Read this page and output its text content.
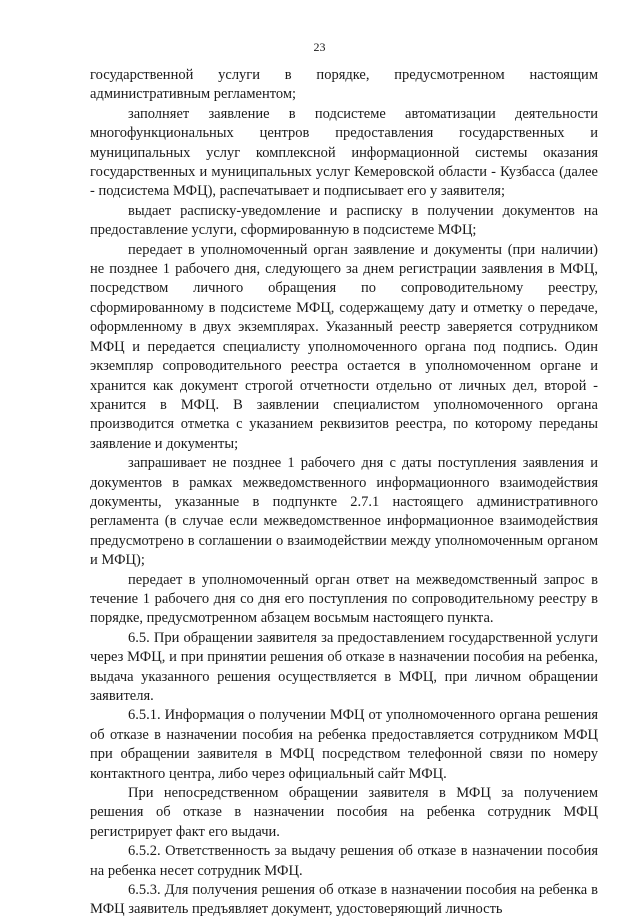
23

государственной услуги в порядке, предусмотренном настоящим административным регламентом;

заполняет заявление в подсистеме автоматизации деятельности многофункциональных центров предоставления государственных и муниципальных услуг комплексной информационной системы оказания государственных и муниципальных услуг Кемеровской области - Кузбасса (далее - подсистема МФЦ), распечатывает и подписывает его у заявителя;

выдает расписку-уведомление и расписку в получении документов на предоставление услуги, сформированную в подсистеме МФЦ;

передает в уполномоченный орган заявление и документы (при наличии) не позднее 1 рабочего дня, следующего за днем регистрации заявления в МФЦ, посредством личного обращения по сопроводительному реестру, сформированному в подсистеме МФЦ, содержащему дату и отметку о передаче, оформленному в двух экземплярах. Указанный реестр заверяется сотрудником МФЦ и передается специалисту уполномоченного органа под подпись. Один экземпляр сопроводительного реестра остается в уполномоченном органе и хранится как документ строгой отчетности отдельно от личных дел, второй - хранится в МФЦ. В заявлении специалистом уполномоченного органа производится отметка с указанием реквизитов реестра, по которому переданы заявление и документы;

запрашивает не позднее 1 рабочего дня с даты поступления заявления и документов в рамках межведомственного информационного взаимодействия документы, указанные в подпункте 2.7.1 настоящего административного регламента (в случае если межведомственное информационное взаимодействия предусмотрено в соглашении о взаимодействии между уполномоченным органом и МФЦ);

передает в уполномоченный орган ответ на межведомственный запрос в течение 1 рабочего дня со дня его поступления по сопроводительному реестру в порядке, предусмотренном абзацем восьмым настоящего пункта.

6.5. При обращении заявителя за предоставлением государственной услуги через МФЦ, и при принятии решения об отказе в назначении пособия на ребенка, выдача указанного решения осуществляется в МФЦ, при личном обращении заявителя.

6.5.1. Информация о получении МФЦ от уполномоченного органа решения об отказе в назначении пособия на ребенка предоставляется сотрудником МФЦ при обращении заявителя в МФЦ посредством телефонной связи по номеру контактного центра, либо через официальный сайт МФЦ.

При непосредственном обращении заявителя в МФЦ за получением решения об отказе в назначении пособия на ребенка сотрудник МФЦ регистрирует факт его выдачи.

6.5.2. Ответственность за выдачу решения об отказе в назначении пособия на ребенка несет сотрудник МФЦ.

6.5.3. Для получения решения об отказе в назначении пособия на ребенка в МФЦ заявитель предъявляет документ, удостоверяющий личность
